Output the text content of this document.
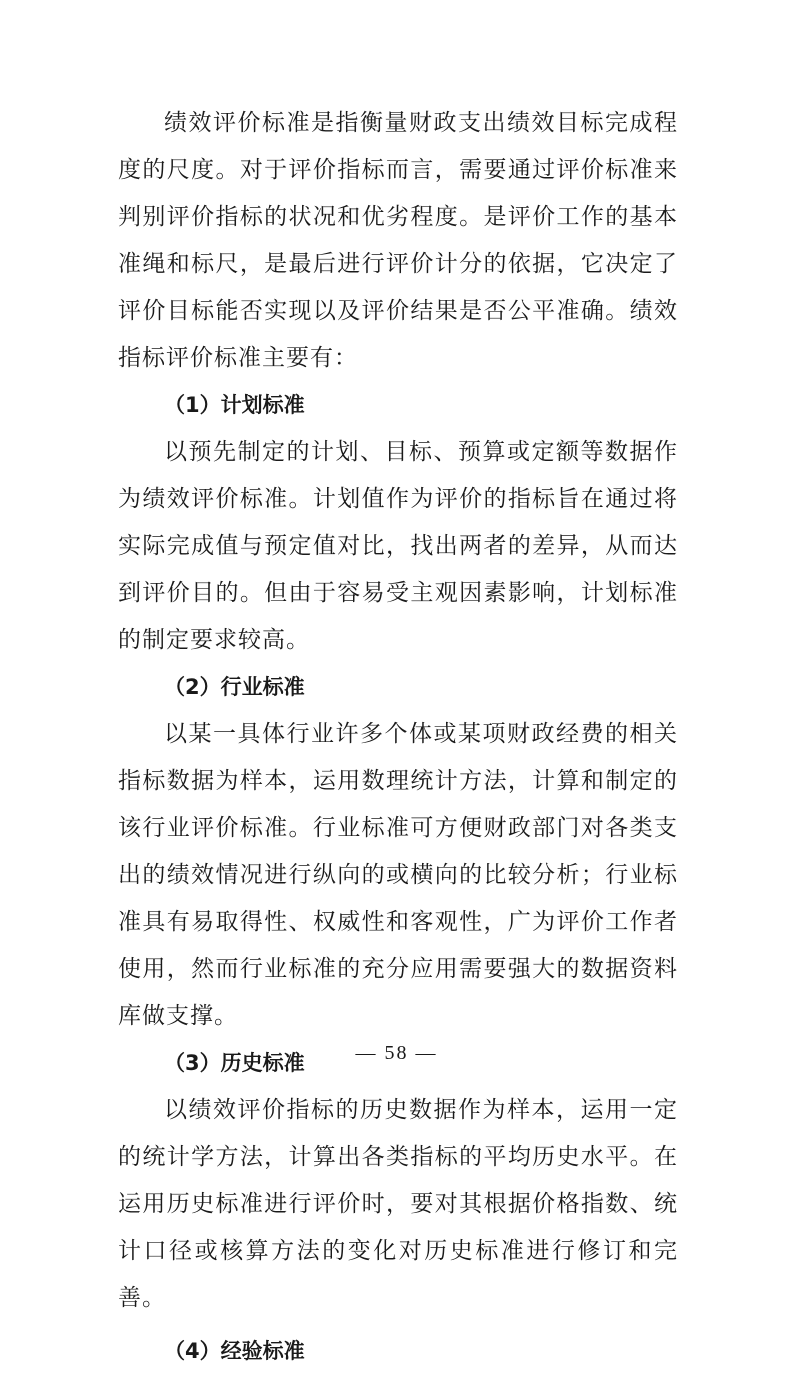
绩效评价标准是指衡量财政支出绩效目标完成程度的尺度。对于评价指标而言，需要通过评价标准来判别评价指标的状况和优劣程度。是评价工作的基本准绳和标尺，是最后进行评价计分的依据，它决定了评价目标能否实现以及评价结果是否公平准确。绩效指标评价标准主要有：

（1）计划标准

以预先制定的计划、目标、预算或定额等数据作为绩效评价标准。计划值作为评价的指标旨在通过将实际完成值与预定值对比，找出两者的差异，从而达到评价目的。但由于容易受主观因素影响，计划标准的制定要求较高。

（2）行业标准

以某一具体行业许多个体或某项财政经费的相关指标数据为样本，运用数理统计方法，计算和制定的该行业评价标准。行业标准可方便财政部门对各类支出的绩效情况进行纵向的或横向的比较分析；行业标准具有易取得性、权威性和客观性，广为评价工作者使用，然而行业标准的充分应用需要强大的数据资料库做支撑。

（3）历史标准

以绩效评价指标的历史数据作为样本，运用一定的统计学方法，计算出各类指标的平均历史水平。在运用历史标准进行评价时，要对其根据价格指数、统计口径或核算方法的变化对历史标准进行修订和完善。

（4）经验标准

— 58 —
